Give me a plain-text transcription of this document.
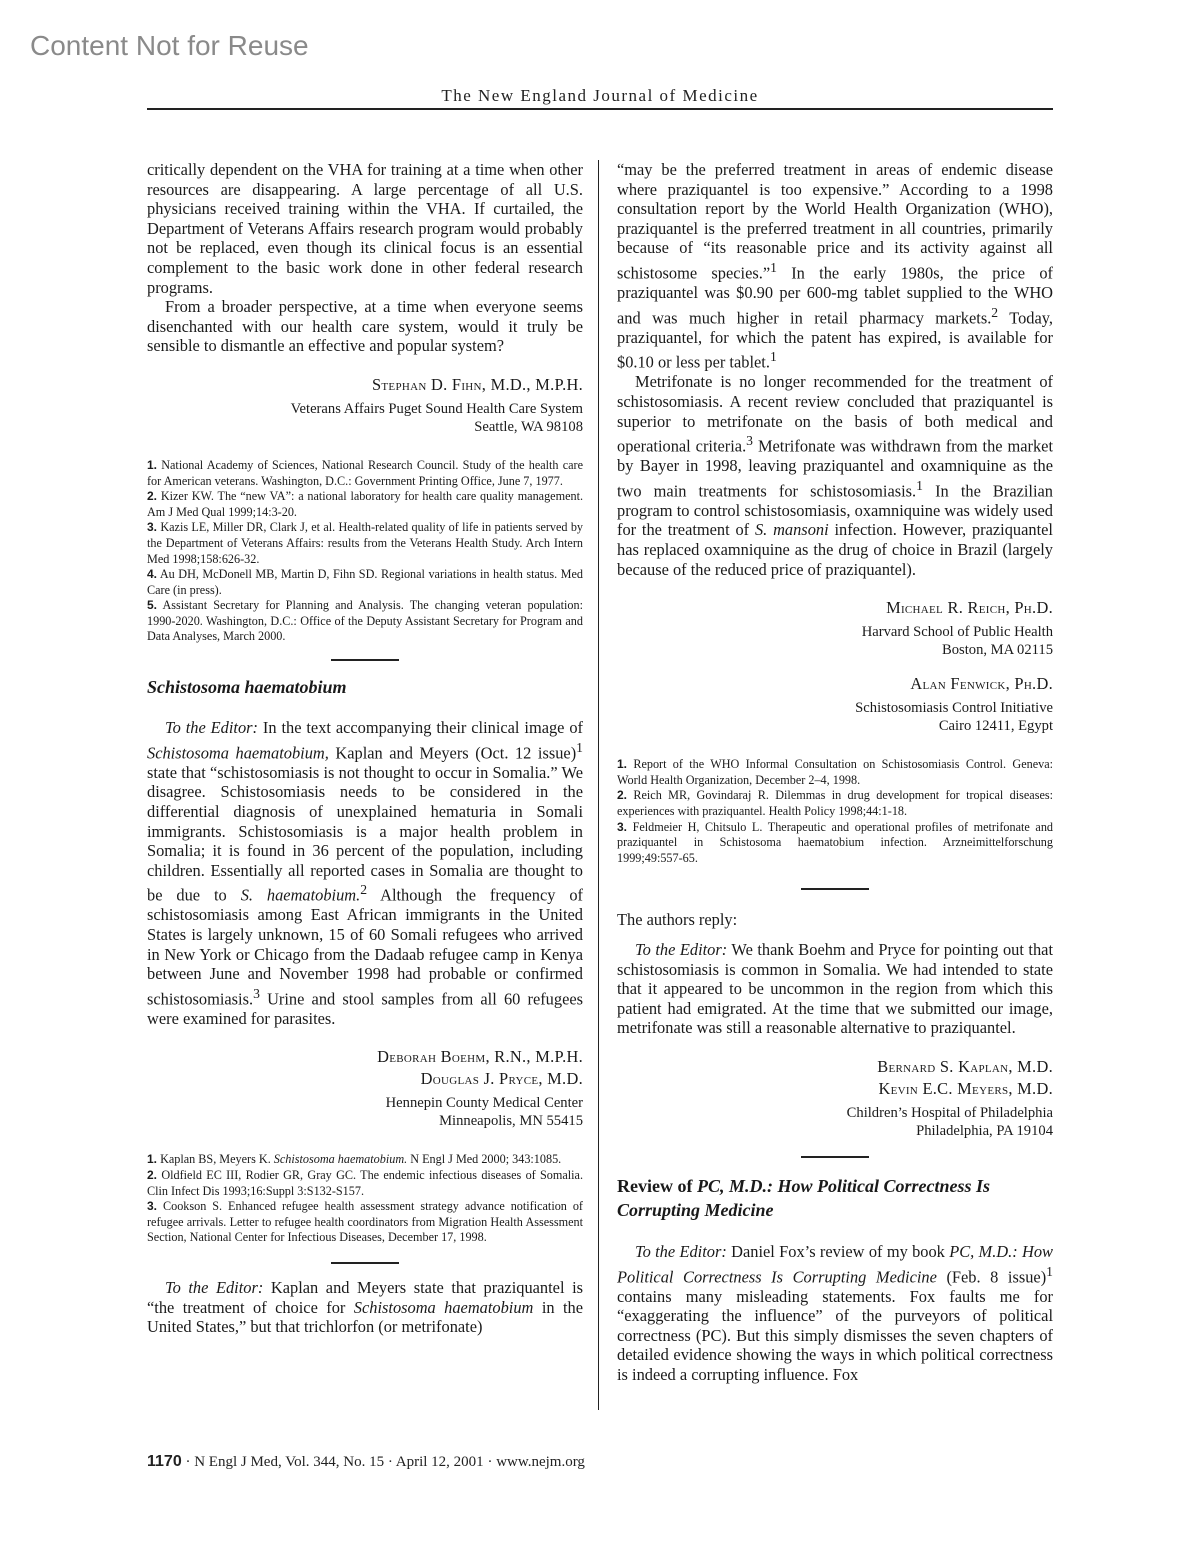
Content Not for Reuse
The New England Journal of Medicine

critically dependent on the VHA for training at a time when other resources are disappearing. A large percentage of all U.S. physicians received training within the VHA. If curtailed, the Department of Veterans Affairs research program would probably not be replaced, even though its clinical focus is an essential complement to the basic work done in other federal research programs.

From a broader perspective, at a time when everyone seems disenchanted with our health care system, would it truly be sensible to dismantle an effective and popular system?

Stephan D. Fihn, M.D., M.P.H.
Veterans Affairs Puget Sound Health Care System
Seattle, WA 98108

1. National Academy of Sciences, National Research Council. Study of the health care for American veterans. Washington, D.C.: Government Printing Office, June 7, 1977.

2. Kizer KW. The “new VA”: a national laboratory for health care quality management. Am J Med Qual 1999;14:3-20.

3. Kazis LE, Miller DR, Clark J, et al. Health-related quality of life in patients served by the Department of Veterans Affairs: results from the Veterans Health Study. Arch Intern Med 1998;158:626-32.

4. Au DH, McDonell MB, Martin D, Fihn SD. Regional variations in health status. Med Care (in press).

5. Assistant Secretary for Planning and Analysis. The changing veteran population: 1990-2020. Washington, D.C.: Office of the Deputy Assistant Secretary for Program and Data Analyses, March 2000.

Schistosoma haematobium

To the Editor: In the text accompanying their clinical image of Schistosoma haematobium, Kaplan and Meyers (Oct. 12 issue)$^1$ state that “schistosomiasis is not thought to occur in Somalia.” We disagree. Schistosomiasis needs to be considered in the differential diagnosis of unexplained hematuria in Somali immigrants. Schistosomiasis is a major health problem in Somalia; it is found in 36 percent of the population, including children. Essentially all reported cases in Somalia are thought to be due to S. haematobium.$^2$ Although the frequency of schistosomiasis among East African immigrants in the United States is largely unknown, 15 of 60 Somali refugees who arrived in New York or Chicago from the Dadaab refugee camp in Kenya between June and November 1998 had probable or confirmed schistosomiasis.$^3$ Urine and stool samples from all 60 refugees were examined for parasites.

Deborah Boehm, R.N., M.P.H.
Douglas J. Pryce, M.D.
Hennepin County Medical Center
Minneapolis, MN 55415

1. Kaplan BS, Meyers K. Schistosoma haematobium. N Engl J Med 2000; 343:1085.

2. Oldfield EC III, Rodier GR, Gray GC. The endemic infectious diseases of Somalia. Clin Infect Dis 1993;16:Suppl 3:S132-S157.

3. Cookson S. Enhanced refugee health assessment strategy advance notification of refugee arrivals. Letter to refugee health coordinators from Migration Health Assessment Section, National Center for Infectious Diseases, December 17, 1998.

To the Editor: Kaplan and Meyers state that praziquantel is “the treatment of choice for Schistosoma haematobium in the United States,” but that trichlorfon (or metrifonate)

“may be the preferred treatment in areas of endemic disease where praziquantel is too expensive.” According to a 1998 consultation report by the World Health Organization (WHO), praziquantel is the preferred treatment in all countries, primarily because of “its reasonable price and its activity against all schistosome species.”$^1$ In the early 1980s, the price of praziquantel was $0.90 per 600-mg tablet supplied to the WHO and was much higher in retail pharmacy markets.$^2$ Today, praziquantel, for which the patent has expired, is available for $0.10 or less per tablet.$^1$

Metrifonate is no longer recommended for the treatment of schistosomiasis. A recent review concluded that praziquantel is superior to metrifonate on the basis of both medical and operational criteria.$^3$ Metrifonate was withdrawn from the market by Bayer in 1998, leaving praziquantel and oxamniquine as the two main treatments for schistosomiasis.$^1$ In the Brazilian program to control schistosomiasis, oxamniquine was widely used for the treatment of S. mansoni infection. However, praziquantel has replaced oxamniquine as the drug of choice in Brazil (largely because of the reduced price of praziquantel).

Michael R. Reich, Ph.D.
Harvard School of Public Health
Boston, MA 02115
Alan Fenwick, Ph.D.
Schistosomiasis Control Initiative
Cairo 12411, Egypt

1. Report of the WHO Informal Consultation on Schistosomiasis Control. Geneva: World Health Organization, December 2–4, 1998.

2. Reich MR, Govindaraj R. Dilemmas in drug development for tropical diseases: experiences with praziquantel. Health Policy 1998;44:1-18.

3. Feldmeier H, Chitsulo L. Therapeutic and operational profiles of metrifonate and praziquantel in Schistosoma haematobium infection. Arzneimittelforschung 1999;49:557-65.

The authors reply:

To the Editor: We thank Boehm and Pryce for pointing out that schistosomiasis is common in Somalia. We had intended to state that it appeared to be uncommon in the region from which this patient had emigrated. At the time that we submitted our image, metrifonate was still a reasonable alternative to praziquantel.

Bernard S. Kaplan, M.D.
Kevin E.C. Meyers, M.D.
Children’s Hospital of Philadelphia
Philadelphia, PA 19104
Review of PC, M.D.: How Political Correctness Is Corrupting Medicine

To the Editor: Daniel Fox’s review of my book PC, M.D.: How Political Correctness Is Corrupting Medicine (Feb. 8 issue)$^1$ contains many misleading statements. Fox faults me for “exaggerating the influence” of the purveyors of political correctness (PC). But this simply dismisses the seven chapters of detailed evidence showing the ways in which political correctness is indeed a corrupting influence. Fox

1170 · N Engl J Med, Vol. 344, No. 15 · April 12, 2001 · www.nejm.org
